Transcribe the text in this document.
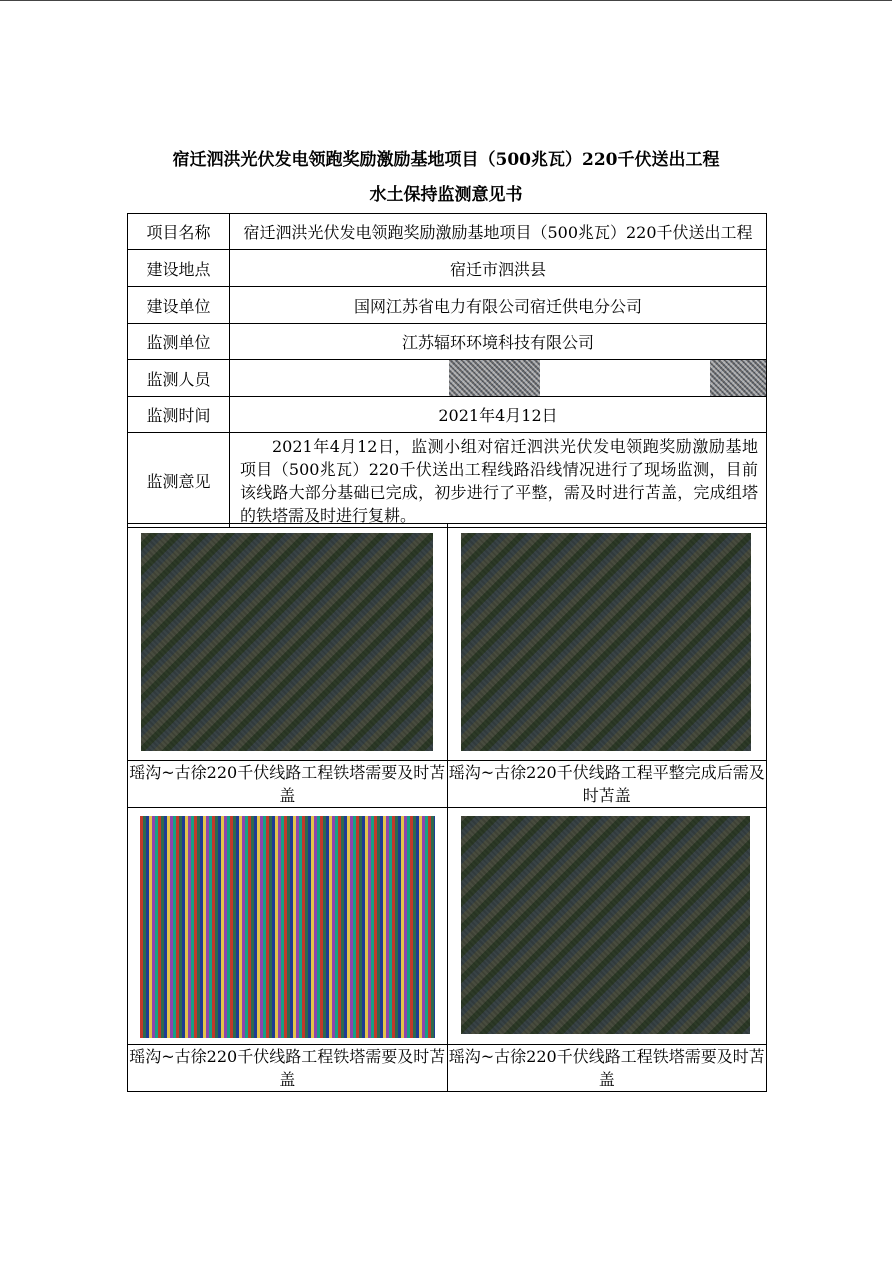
宿迁泗洪光伏发电领跑奖励激励基地项目（500兆瓦）220千伏送出工程
水土保持监测意见书
项目名称	宿迁泗洪光伏发电领跑奖励激励基地项目（500兆瓦）220千伏送出工程
建设地点	宿迁市泗洪县
建设单位	国网江苏省电力有限公司宿迁供电分公司
监测单位	江苏辐环环境科技有限公司
监测人员	

监测时间	2021年4月12日
监测意见	2021年4月12日，监测小组对宿迁泗洪光伏发电领跑奖励激励基地项目（500兆瓦）220千伏送出工程线路沿线情况进行了现场监测，目前该线路大部分基础已完成，初步进行了平整，需及时进行苫盖，完成组塔的铁塔需及时进行复耕。

瑶沟~古徐220千伏线路工程铁塔需要及时苫盖	瑶沟~古徐220千伏线路工程平整完成后需及时苫盖

瑶沟~古徐220千伏线路工程铁塔需要及时苫盖	瑶沟~古徐220千伏线路工程铁塔需要及时苫盖
